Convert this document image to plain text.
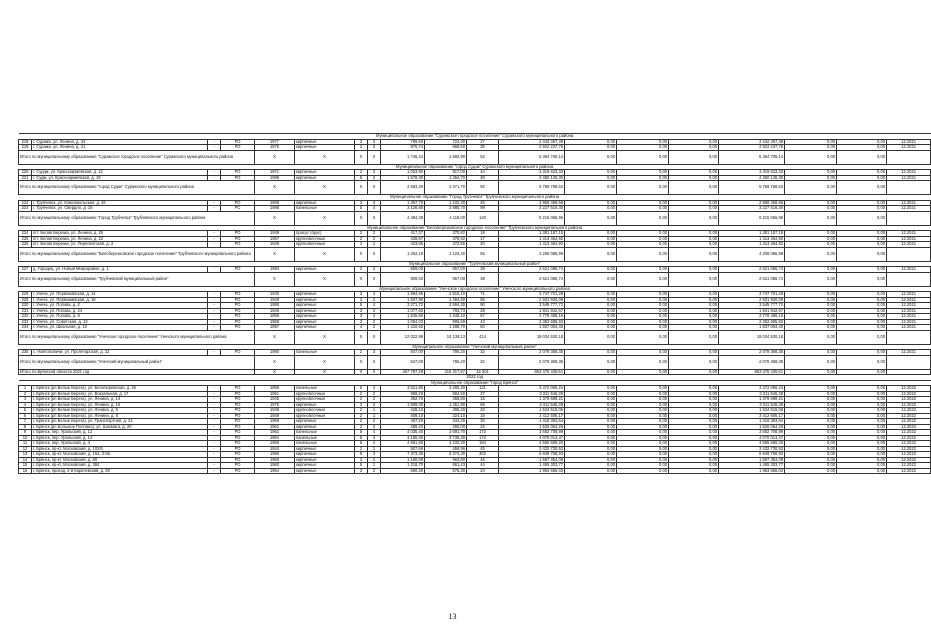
Муниципальное образование "Сурижское городское поселение" Суражского муниципального района																		
218	г. Суража, ул. Ленина, д. 33	-	РО	1977	кирпичные	2	3	789,50	724,30	27	2 442 467,39	0,00	0,00	0,00	2 442 467,39	0,00	0,00	12.2021
219	г. Суража, ул. Ленина, д. 31	-	РО	1975	кирпичные	2	3	976,74	868,60	35	2 922 237,76	0,00	0,00	0,00	2 922 237,76	0,00	0,00	12.2021
Итого по муниципальному образованию "Суражское городское поселение" Суражского муниципального района				X	X	X	X	1 746,24	1 592,90	62	5 364 705,14	0,00	0,00	0,00	5 364 705,14	0,00	0,00	
Муниципальное образование "город Судак" Суражского муниципального района																		
220	г. Сурдж, ул. Красноармейская, д. 12	-	РО	1971	кирпичные	2	3	1 003,90	917,00	44	3 319 623,33	0,00	0,00	0,00	3 319 623,33	0,00	0,00	12.2021
221	г. Судж, ул. Красноармейская, д. 19	-	РО	1988	кирпичные	5	2	1 579,30	1 454,70	48	2 450 145,30	0,00	0,00	0,00	2 450 145,30	0,00	0,00	12.2021
Итого по муниципальному образованию "город Судак" Суражского муниципального района				X	X	X	X	2 583,20	2 371,70	92	5 769 768,63	0,00	0,00	0,00	5 769 768,63	0,00	0,00	
Муниципальное образование "Город Трубчевск" Трубчевского муниципального района																		
222	г. Трубчевск, ул. Комсомольская, д. 46	-	РО	1969	кирпичные	3	3	1 357,70	1 232,30	45	2 968 458,66	0,00	0,00	0,00	2 968 458,66	0,00	0,00	12.2021
223	г. Трубчевск, ул. Свердло, д. 15	-	РС	1988	панельные	5	4	3 126,58	2 885,70	99	3 227 516,30	0,00	0,00	0,00	3 227 516,30	0,00	0,00	12.2021
Итого по муниципальному образованию "Город Трубчевск" Трубчевского муниципального района				X	X	X	X	4 484,28	4 118,00	140	6 215 066,96	0,00	0,00	0,00	6 215 066,96	0,00	0,00	
Муниципальное образование "Белоберезковское городское поселение" Трубчевского муниципального района																		
224	пгт. Белая Березка, ул. Ленина, д. 25	-	РО	1948	брасус (брус)	2	2	417,37	370,82	18	1 381 157,15	0,00	0,00	0,00	1 381 157,15	0,00	0,00	12.2021
225	пгт. Белая Березка, ул. Ленина, д. 22	-	РО	1957	крупноблочные	2	2	428,87	379,92	17	1 413 464,92	0,00	0,00	0,00	1 413 464,92	0,00	0,00	12.2021
226	пгт. Белая Березка, ул. Пересвятская, д. 2	-	РО	1949	крупноблочные	2	2	423,95	372,66	20	1 413 464,92	0,00	0,00	0,00	1 413 464,92	0,00	0,00	12.2021
Итого по муниципальному образованию "Белоберезковское городское поселение" Трубчевского муниципального района				X	X	X	X	1 262,19	1 123,40	55	4 208 086,99	0,00	0,00	0,00	4 208 086,99	0,00	0,00	
Муниципальное образование "Трубчевский муниципальный район"																		
227	д. Городец, ул. Новый Микрорайон, д. 1	-	РО	1984	кирпичные	2	3	908,00	857,00	38	2 621 086,74	0,00	0,00	0,00	2 621 086,74	0,00	0,00	12.2021
Итого по муниципальному образованию "Трубчевский муниципальный район"				X	X	X	X	908,00	857,00	38	2 621 086,74	0,00	0,00	0,00	2 621 086,74	0,00	0,00	
Муниципальное образование "Унечское городское поселение" Унечского муниципального района																		
228	г. Унеча, ул. Первомайская, д. 14	-	РО	1930	кирпичные	3	4	1 994,66	1 815,10	71	3 747 701,28	0,00	0,00	0,00	3 747 701,28	0,00	0,00	12.2021
229	г. Унеча, ул. Первомайская, д. 18	-	РО	1949	кирпичные	2	2	1 607,90	1 494,50	55	2 931 930,09	0,00	0,00	0,00	2 931 930,09	0,00	0,00	12.2021
230	г. Унеча, ул. Попова, д. 2	-	РО	1988	кирпичные	5	4	3 271,72	2 594,30	90	3 545 777,72	0,00	0,00	0,00	3 545 777,72	0,00	0,00	12.2021
231	г. Унеча, ул. Попова, д. 24	-	РО	1946	кирпичные	3	2	1 077,63	783,73	28	1 841 942,67	0,00	0,00	0,00	1 841 942,67	0,00	0,00	12.2021
232	г. Унеча, ул. Попова, д. 8	-	РО	1969	кирпичные	3	4	1 545,50	1 348,10	67	2 778 488,16	0,00	0,00	0,00	2 778 488,16	0,00	0,00	12.2021
233	г. Унеча, ул. Советская, д. 12	-	РО	1968	кирпичные	3	2	1 054,03	906,69	43	2 352 685,83	0,00	0,00	0,00	2 352 685,83	0,00	0,00	12.2021
234	г. Унеча, ул. Школьная, д. 10	-	РО	1957	кирпичные	4	2	1 410,50	1 288,70	60	1 837 004,40	0,00	0,00	0,00	1 837 004,40	0,00	0,00	12.2021
Итого по муниципальному образованию "Унечское городское поселение" Унечского муниципального района				X	X	X	X	12 022,99	10 139,13	414	19 034 530,18	0,00	0,00	0,00	19 034 530,18	0,00	0,00	
Муниципальное образование "Унечский муниципальный район"																		
235	с. Найтоповичи, ул. Пролетарская, д. 22	-	РО	1980	панельные	2	3	847,00	786,20	32	2 079 368,35	0,00	0,00	0,00	2 079 368,35	0,00	0,00	12.2021
Итого по муниципальному образованию "Унечский муниципальный район"				X	X	X	X	847,00	786,20	32	2 079 368,35	0,00	0,00	0,00	2 079 368,35	0,00	0,00	
Итого по Брянской области 2021 год				X	X	X	X	467 797,29	416 317,57	16 301	853 475 430,61	0,00	0,00	0,00	853 475 430,61	0,00	0,00	
2022 год																		
Муниципальное образование "город Брянск"																		
1	г. Брянск (рп Белые Берега), ул. Белобережская, д. 25	-	РО	1969	панельные	5	4	3 621,80	3 290,20	121	3 472 066,24	0,00	0,00	0,00	3 472 066,24	0,00	0,00	12.2022
2	г. Брянск (рп Белые Берега), ул. Вокзальная, д. 17	-	РО	1951	крупноблочные	2	2	968,20	884,50	37	3 311 546,38	0,00	0,00	0,00	3 311 546,38	0,00	0,00	12.2022
3	г. Брянск (рп Белые Берега), ул. Ленина, д. 13	-	РО	1945	крупноблочные	2	2	392,70	358,80	15	1 379 699,21	0,00	0,00	0,00	1 379 699,21	0,00	0,00	12.2022
4	г. Брянск (рп Белые Берега), ул. Ленина, д. 16	-	РО	1976	кирпичные	3	3	1 599,00	1 451,90	68	3 311 546,38	0,00	0,00	0,00	3 311 546,38	0,00	0,00	12.2022
5	г. Брянск (рп Белые Берега), ул. Ленина, д. 5	-	РО	1949	крупноблочные	2	1	428,10	386,30	20	1 534 515,06	0,00	0,00	0,00	1 534 515,06	0,00	0,00	12.2022
6	г. Брянск (рп Белые Берега), ул. Ленина, д. 8	-	РО	1949	крупноблочные	2	1	409,10	324,10	18	3 412 606,17	0,00	0,00	0,00	3 412 606,17	0,00	0,00	12.2022
7	г. Брянск (рп Белые Берега), ул. Транспортная, д. 24	-	РО	1959	кирпичные	2	2	457,20	434,30	30	1 418 363,64	0,00	0,00	0,00	1 418 363,64	0,00	0,00	12.2022
8	г. Брянск (рп Большое Полпино), ул. Шахмата, д. 20	-	РО	1961	кирпичные	2	2	488,40	450,00	25	1 526 064,26	0,00	0,00	0,00	1 526 064,26	0,00	0,00	12.2022
9	г. Брянск, пер. Уральский, д. 12	-	РО	1962	панельные	5	4	4 035,40	3 691,70	172	3 682 708,99	0,00	0,00	0,00	3 682 708,99	0,00	0,00	12.2022
10	г. Брянск, пер. Уральский, д. 14	-	РО	1964	панельные	5	4	4 155,00	3 736,30	172	4 070 013,47	0,00	0,00	0,00	4 070 013,47	0,00	0,00	12.2022
11	г. Брянск, пер. Уральский, д. 4	-	РО	1966	панельные	5	4	4 681,60	4 232,20	184	4 565 669,20	0,00	0,00	0,00	4 565 669,20	0,00	0,00	12.2022
12	г. Брянск, пр-кт. Московский, д. 102/5	-	РО	1944	кирпичные	2	1	507,66	456,96	45	3 432 730,53	0,00	0,00	0,00	3 432 730,53	0,00	0,00	12.2022
13	г. Брянск, пр-кт. Московский, д. 152, 3-Sk.	-	РО	1996	кирпичные	9	3	7 373,30	6 374,30	302	6 849 768,93	0,00	0,00	0,00	6 849 768,93	0,00	0,00	12.2022
14	г. Брянск, пр-кт. Московский, д. 80	-	РО	1960	кирпичные	2	2	1 190,00	963,80	45	1 587 354,08	0,00	0,00	0,00	1 587 354,08	0,00	0,00	12.2022
15	г. Брянск, пр-кт. Московский, д. 384	-	РО	1960	кирпичные	5	1	1 218,70	861,43	44	1 465 303,77	0,00	0,00	0,00	1 465 303,77	0,00	0,00	12.2022
16	г. Брянск, проезд. 2-й Карачевский, д. 39	-	РО	1954	кирпичные	3	2	590,30	576,30	24	1 953 655,03	0,00	0,00	0,00	1 953 655,03	0,00	0,00	12.2022
13
